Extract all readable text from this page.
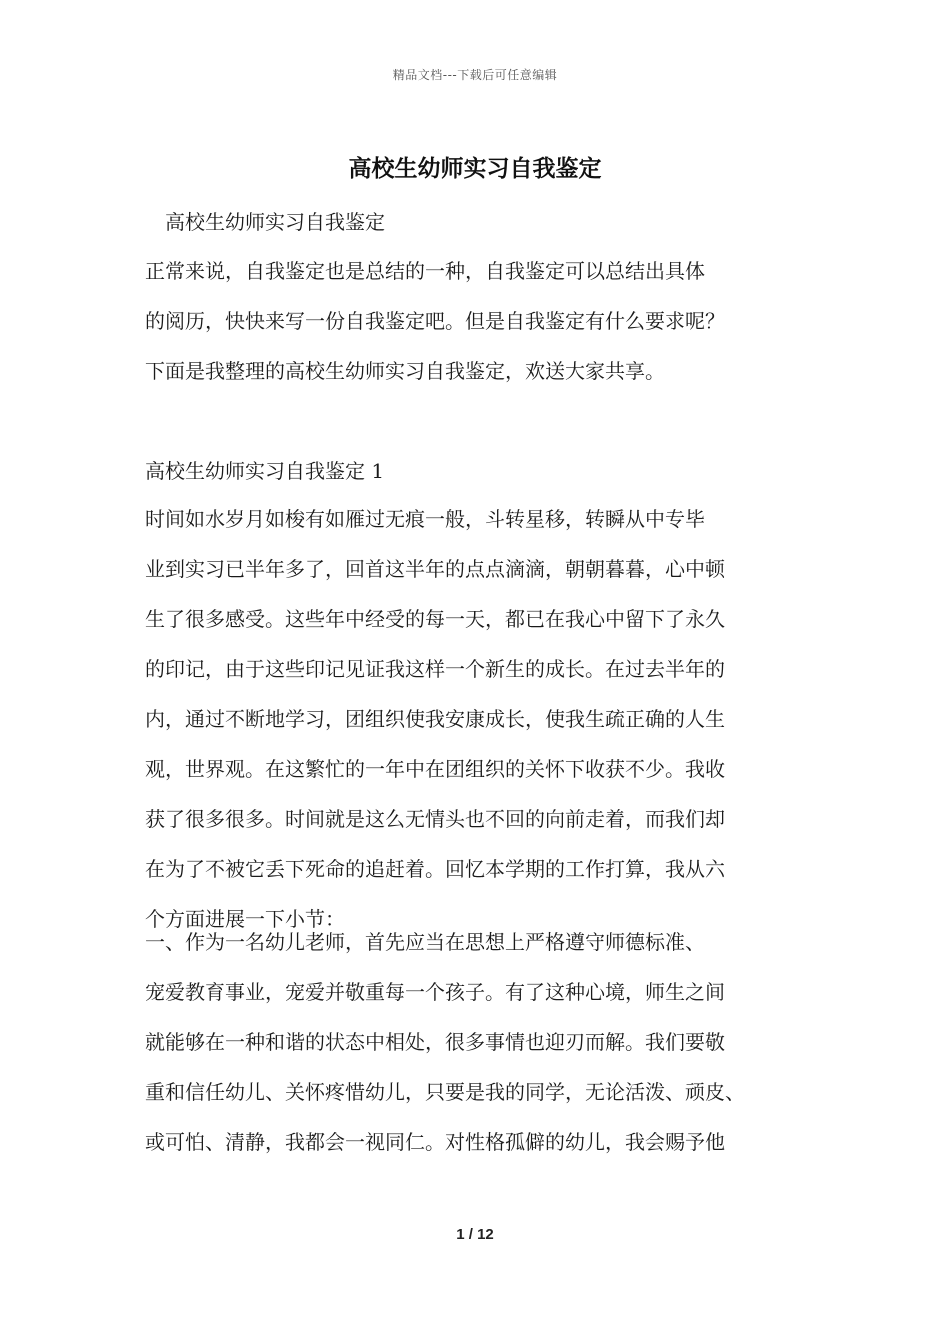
精品文档---下载后可任意编辑
高校生幼师实习自我鉴定
高校生幼师实习自我鉴定
正常来说，自我鉴定也是总结的一种，自我鉴定可以总结出具体
的阅历，快快来写一份自我鉴定吧。但是自我鉴定有什么要求呢？
下面是我整理的高校生幼师实习自我鉴定，欢送大家共享。
高校生幼师实习自我鉴定 1
时间如水岁月如梭有如雁过无痕一般，斗转星移，转瞬从中专毕
业到实习已半年多了，回首这半年的点点滴滴，朝朝暮暮，心中顿
生了很多感受。这些年中经受的每一天，都已在我心中留下了永久
的印记，由于这些印记见证我这样一个新生的成长。在过去半年的
内，通过不断地学习，团组织使我安康成长，使我生疏正确的人生
观，世界观。在这繁忙的一年中在团组织的关怀下收获不少。我收
获了很多很多。时间就是这么无情头也不回的向前走着，而我们却
在为了不被它丢下死命的追赶着。回忆本学期的工作打算，我从六
个方面进展一下小节：
一、作为一名幼儿老师，首先应当在思想上严格遵守师德标准、
宠爱教育事业，宠爱并敬重每一个孩子。有了这种心境，师生之间
就能够在一种和谐的状态中相处，很多事情也迎刃而解。我们要敬
重和信任幼儿、关怀疼惜幼儿，只要是我的同学，无论活泼、顽皮、
或可怕、清静，我都会一视同仁。对性格孤僻的幼儿，我会赐予他
1 / 12
